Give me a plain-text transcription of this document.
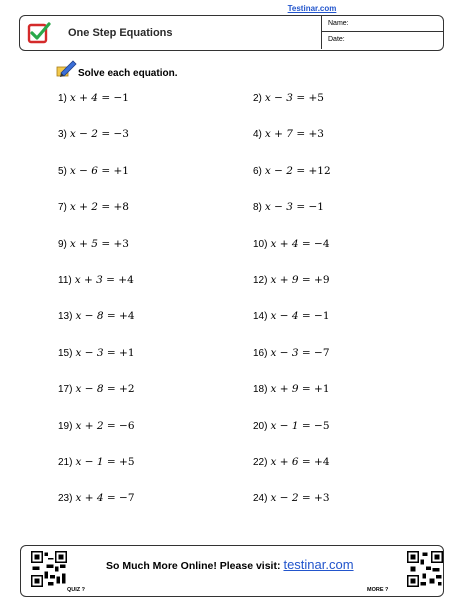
Testinar.com
One Step Equations
Name:
Date:
Solve each equation.
1) x + 4 = −1	2) x − 3 = +5
3) x − 2 = −3	4) x + 7 = +3
5) x − 6 = +1	6) x − 2 = +12
7) x + 2 = +8	8) x − 3 = −1
9) x + 5 = +3	10) x + 4 = −4
11) x + 3 = +4	12) x + 9 = +9
13) x − 8 = +4	14) x − 4 = −1
15) x − 3 = +1	16) x − 3 = −7
17) x − 8 = +2	18) x + 9 = +1
19) x + 2 = −6	20) x − 1 = −5
21) x − 1 = +5	22) x + 6 = +4
23) x + 4 = −7	24) x − 2 = +3
QUIZ ?	MORE ?
So Much More Online! Please visit: testinar.com
